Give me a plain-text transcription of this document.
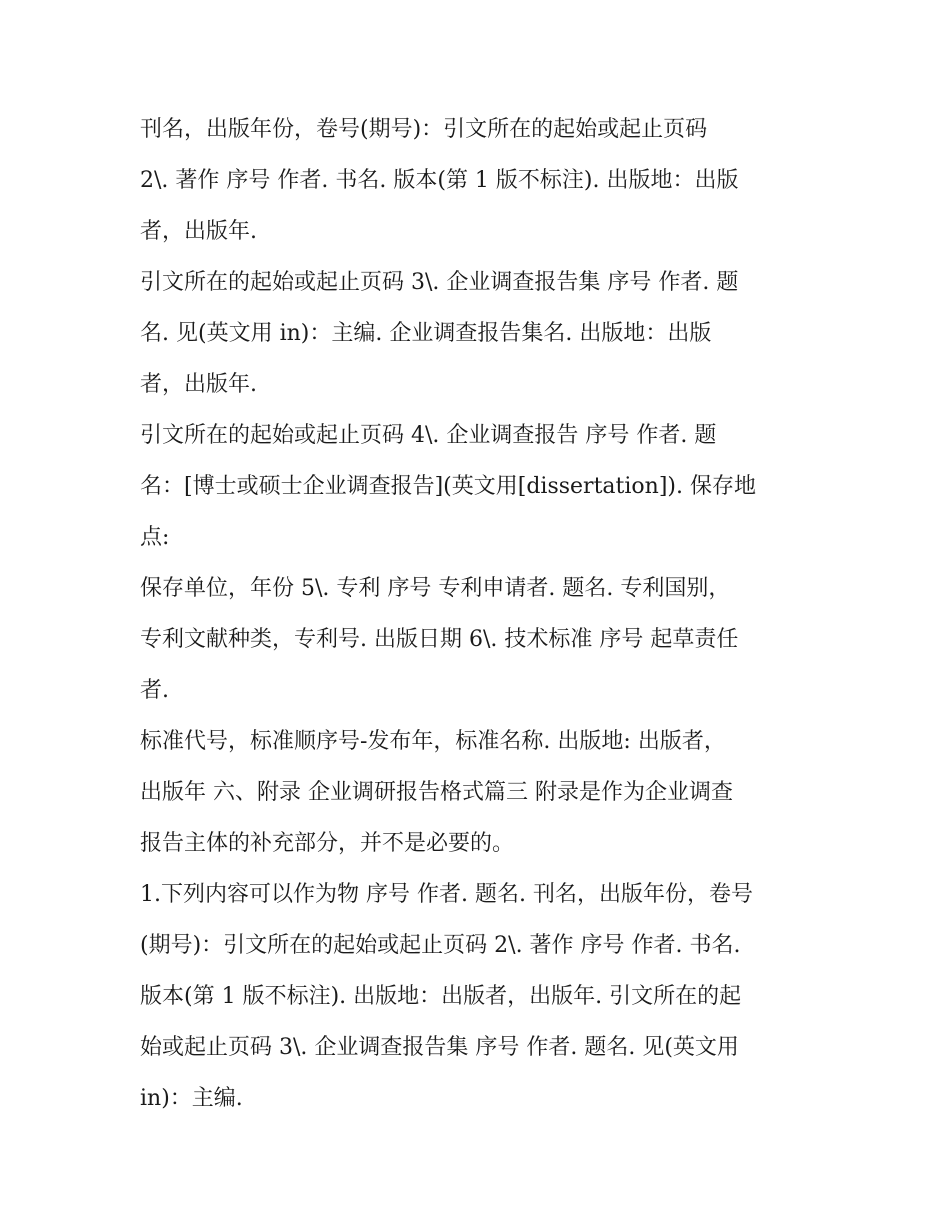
刊名，出版年份，卷号(期号)：引文所在的起始或起止页码
2\. 著作 序号 作者. 书名. 版本(第 1 版不标注). 出版地：出版
者，出版年.
引文所在的起始或起止页码 3\. 企业调查报告集 序号 作者. 题
名. 见(英文用 in)：主编. 企业调查报告集名. 出版地：出版
者，出版年.
引文所在的起始或起止页码 4\. 企业调查报告 序号 作者. 题
名：[博士或硕士企业调查报告](英文用[dissertation]). 保存地
点:
保存单位，年份 5\. 专利 序号 专利申请者. 题名. 专利国别，
专利文献种类，专利号. 出版日期 6\. 技术标准 序号 起草责任
者.
标准代号，标准顺序号-发布年，标准名称. 出版地: 出版者，
出版年 六、附录 企业调研报告格式篇三 附录是作为企业调查
报告主体的补充部分，并不是必要的。
1.下列内容可以作为物 序号 作者. 题名. 刊名，出版年份，卷号
(期号)：引文所在的起始或起止页码 2\. 著作 序号 作者. 书名.
版本(第 1 版不标注). 出版地：出版者，出版年. 引文所在的起
始或起止页码 3\. 企业调查报告集 序号 作者. 题名. 见(英文用
in)：主编.
